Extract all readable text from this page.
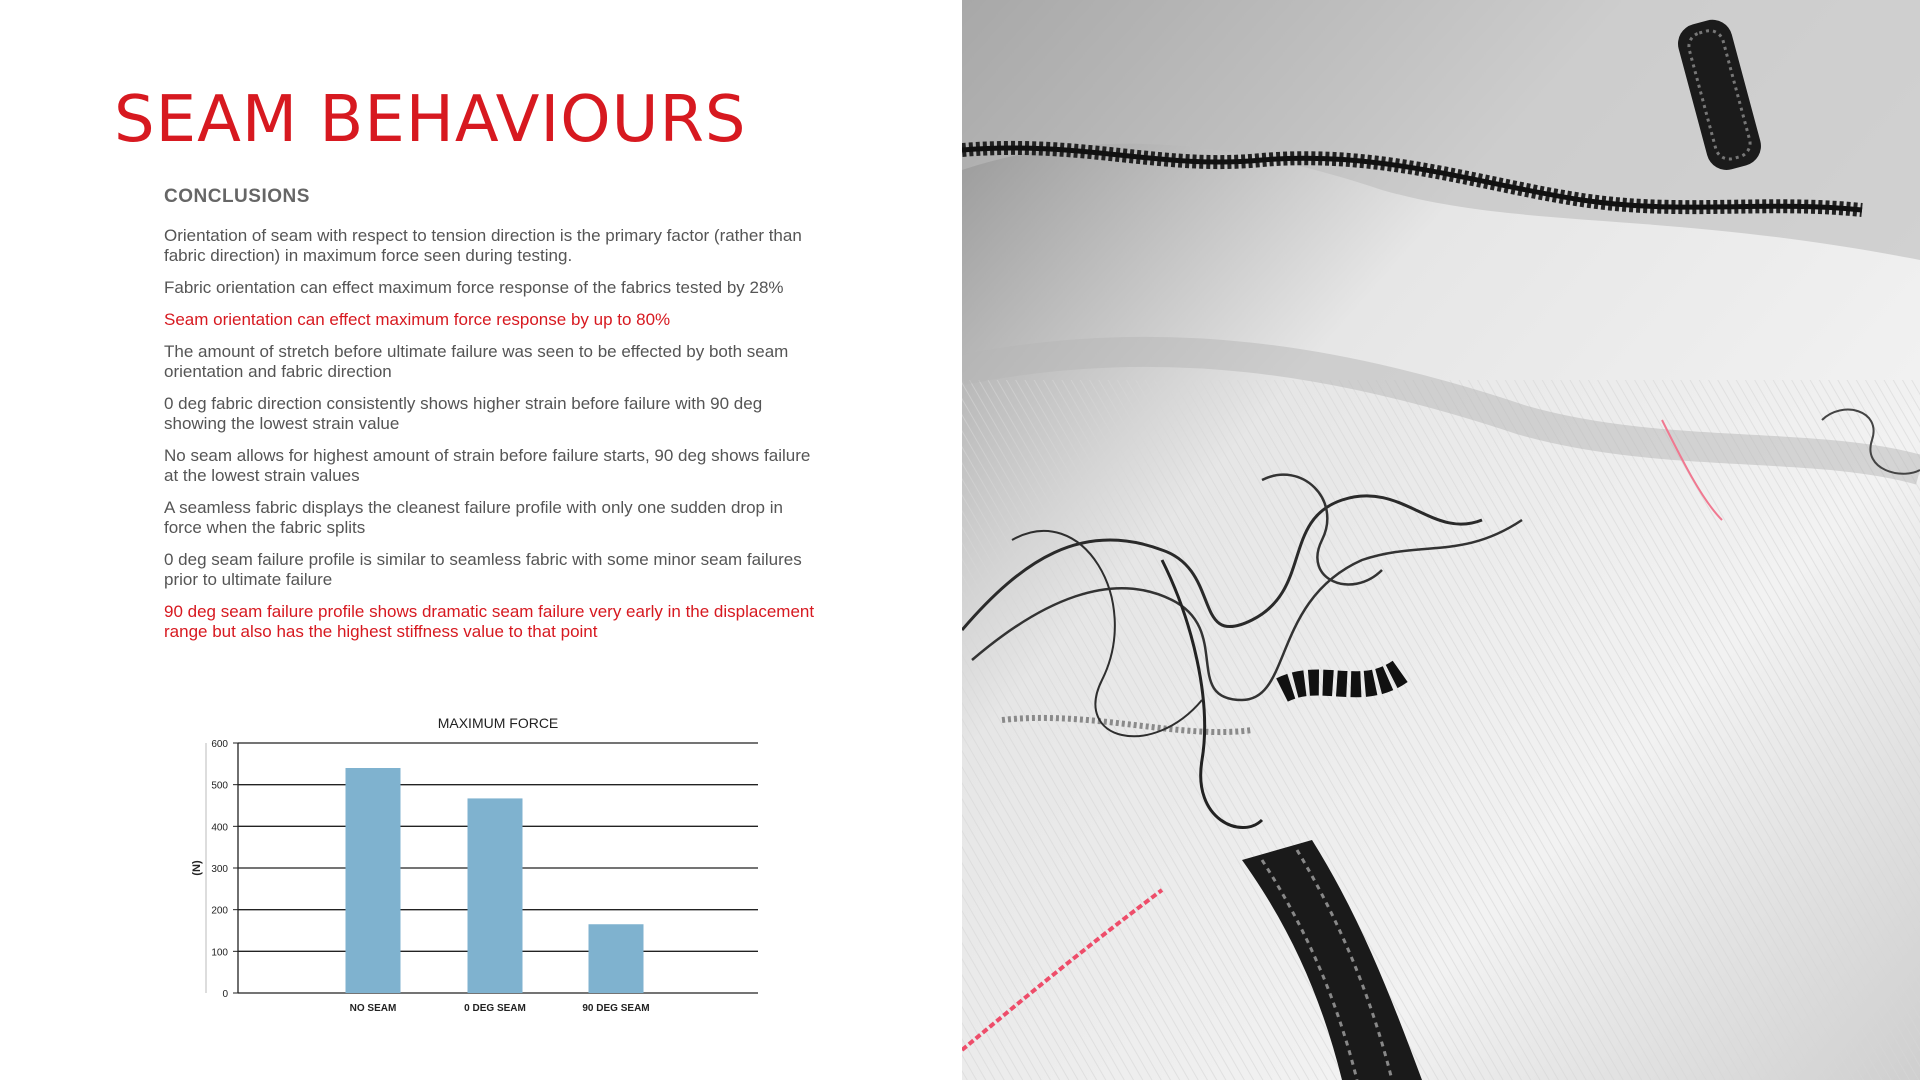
SEAM BEHAVIOURS
CONCLUSIONS
Orientation of seam with respect to tension direction is the primary factor (rather than fabric direction) in maximum force seen during testing.
Fabric orientation can effect maximum force response of the fabrics tested by 28%
Seam orientation can effect maximum force response by up to 80%
The amount of stretch before ultimate failure was seen to be effected by both seam orientation and fabric direction
0 deg fabric direction consistently shows higher strain before failure with 90 deg showing the lowest strain value
No seam allows for highest amount of strain before failure starts, 90 deg shows failure at the lowest strain values
A seamless fabric displays the cleanest failure profile with only one sudden drop in force when the fabric splits
0 deg seam failure profile is similar to seamless fabric with some minor seam failures prior to ultimate failure
90 deg seam failure profile shows dramatic seam failure very early in the displacement range but also has the highest stiffness value to that point
MAXIMUM FORCE
0
100
200
300
400
500
600
(N)
NO SEAM	0 DEG SEAM	90 DEG SEAM
